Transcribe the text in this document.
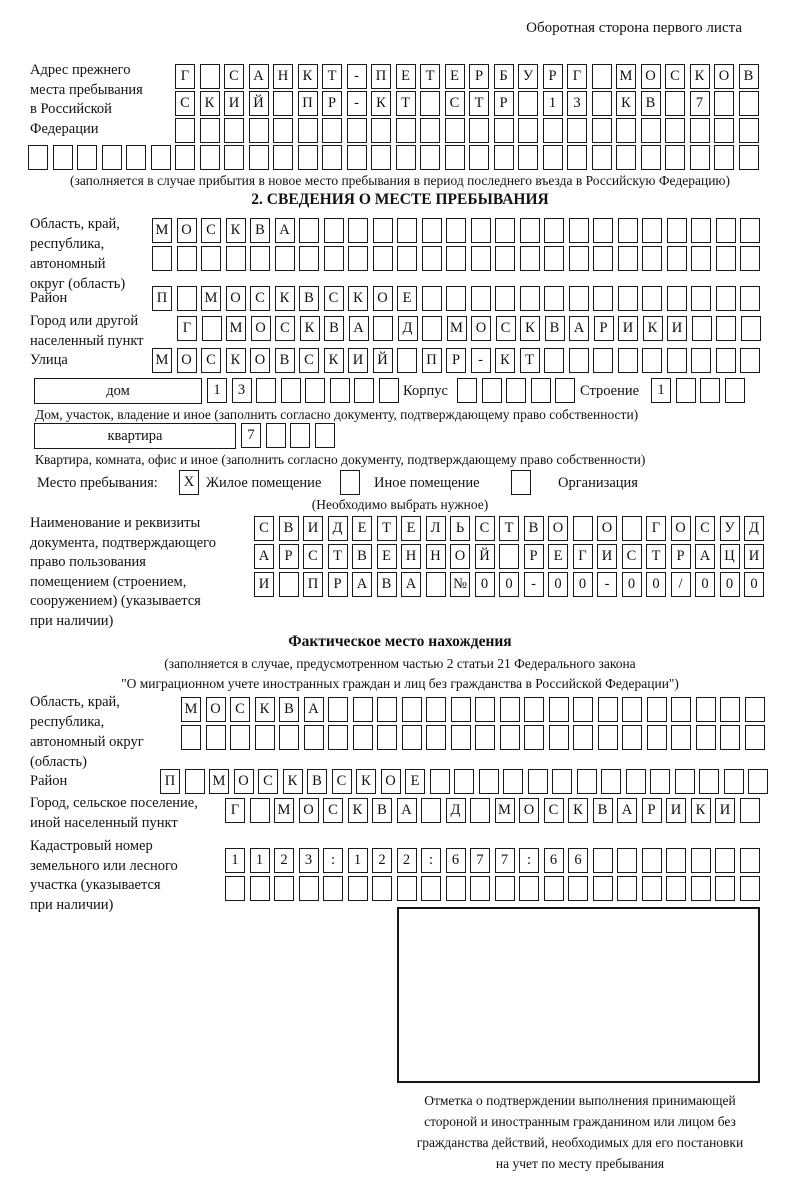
Оборотная сторона первого листа
Адрес прежнего
места пребывания
в Российской
Федерации
Г	С А Н К	Т	-	П	Е	Т	Е	Р	Б	У	Р	Г	М О С	К О В
С	К И Й	П	Р	-	К	Т	С	Т	Р	1	3	К	В	7
(заполняется в случае прибытия в новое место пребывания в период последнего въезда в Российскую Федерацию)
2. СВЕДЕНИЯ О МЕСТЕ ПРЕБЫВАНИЯ
Область, край,
республика,
автономный
округ (область)
М О С	К	В А
Район	П	М О С	К	В	С	К О	Е
Город или другой
населенный пункт
Г	М О С	К	В А	Д	М О С	К	В А	Р	И К И
Улица	М О С	К О В	С	К И Й	П	Р	-	К	Т
дом	1	3	Корпус	Строение	1
Дом, участок, владение и иное (заполнить согласно документу, подтверждающему право собственности)
квартира	7
Квартира, комната, офис и иное (заполнить согласно документу, подтверждающему право собственности)
Место пребывания:	X Жилое помещение	Иное помещение	Организация
(Необходимо выбрать нужное)
Наименование и реквизиты
документа, подтверждающего
право пользования
помещением (строением,
сооружением) (указывается
при наличии)
С	В И Д	Е	Т	Е	Л	Ь	С	Т	В О	О	Г	О С	У Д
А	Р	С	Т	В	Е	Н Н О Й	Р	Е	Г	И С	Т	Р	А Ц И
И	П	Р	А В А	№ 0	0	-	0	0	-	0	0	/	0	0	0
Фактическое место нахождения
(заполняется в случае, предусмотренном частью 2 статьи 21 Федерального закона
"О миграционном учете иностранных граждан и лиц без гражданства в Российской Федерации")
Область, край,
республика,
автономный округ
(область)
М О С	К	В А
Район	П	М О С	К	В	С	К О	Е
Город, сельское поселение,
иной населенный пункт
Г	М О С	К	В А	Д	М О С	К	В А	Р	И К И
Кадастровый номер
земельного или лесного
участка (указывается
при наличии)
1	1	2	3	:	1	2	2	:	6	7	7	:	6	6
Отметка о подтверждении выполнения принимающей
стороной и иностранным гражданином или лицом без
гражданства действий, необходимых для его постановки
на учет по месту пребывания
